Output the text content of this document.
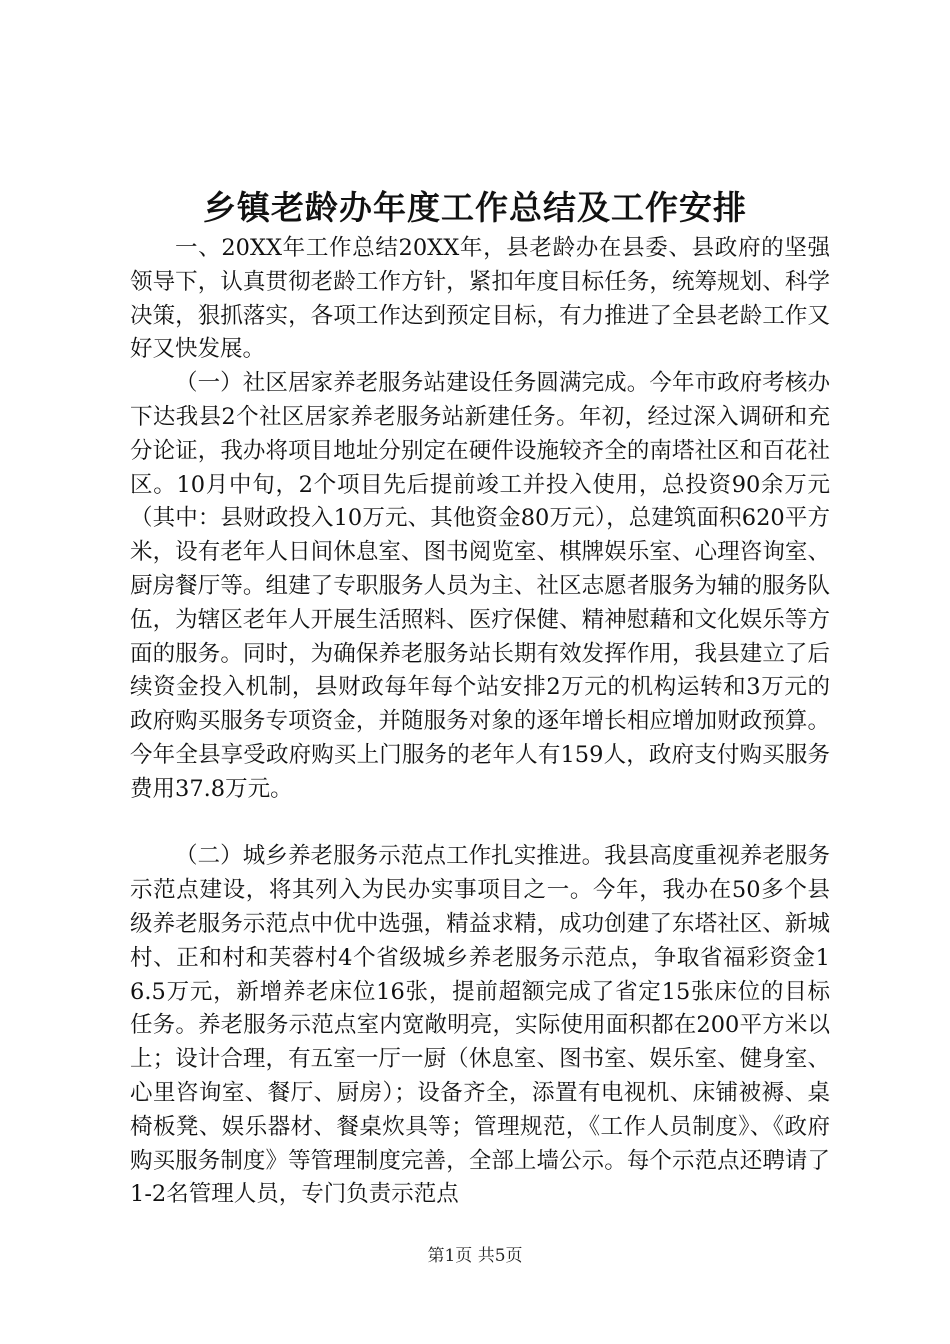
乡镇老龄办年度工作总结及工作安排

一、20XX年工作总结20XX年，县老龄办在县委、县政府的坚强领导下，认真贯彻老龄工作方针，紧扣年度目标任务，统筹规划、科学决策，狠抓落实，各项工作达到预定目标，有力推进了全县老龄工作又好又快发展。

（一）社区居家养老服务站建设任务圆满完成。今年市政府考核办下达我县2个社区居家养老服务站新建任务。年初，经过深入调研和充分论证，我办将项目地址分别定在硬件设施较齐全的南塔社区和百花社区。10月中旬，2个项目先后提前竣工并投入使用，总投资90余万元（其中：县财政投入10万元、其他资金80万元），总建筑面积620平方米，设有老年人日间休息室、图书阅览室、棋牌娱乐室、心理咨询室、厨房餐厅等。组建了专职服务人员为主、社区志愿者服务为辅的服务队伍，为辖区老年人开展生活照料、医疗保健、精神慰藉和文化娱乐等方面的服务。同时，为确保养老服务站长期有效发挥作用，我县建立了后续资金投入机制，县财政每年每个站安排2万元的机构运转和3万元的政府购买服务专项资金，并随服务对象的逐年增长相应增加财政预算。今年全县享受政府购买上门服务的老年人有159人，政府支付购买服务费用37.8万元。

（二）城乡养老服务示范点工作扎实推进。我县高度重视养老服务示范点建设，将其列入为民办实事项目之一。今年，我办在50多个县级养老服务示范点中优中选强，精益求精，成功创建了东塔社区、新城村、正和村和芙蓉村4个省级城乡养老服务示范点，争取省福彩资金16.5万元，新增养老床位16张，提前超额完成了省定15张床位的目标任务。养老服务示范点室内宽敞明亮，实际使用面积都在200平方米以上；设计合理，有五室一厅一厨（休息室、图书室、娱乐室、健身室、心里咨询室、餐厅、厨房）；设备齐全，添置有电视机、床铺被褥、桌椅板凳、娱乐器材、餐桌炊具等；管理规范，《工作人员制度》、《政府购买服务制度》等管理制度完善，全部上墙公示。每个示范点还聘请了1-2名管理人员，专门负责示范点

第1页 共5页
